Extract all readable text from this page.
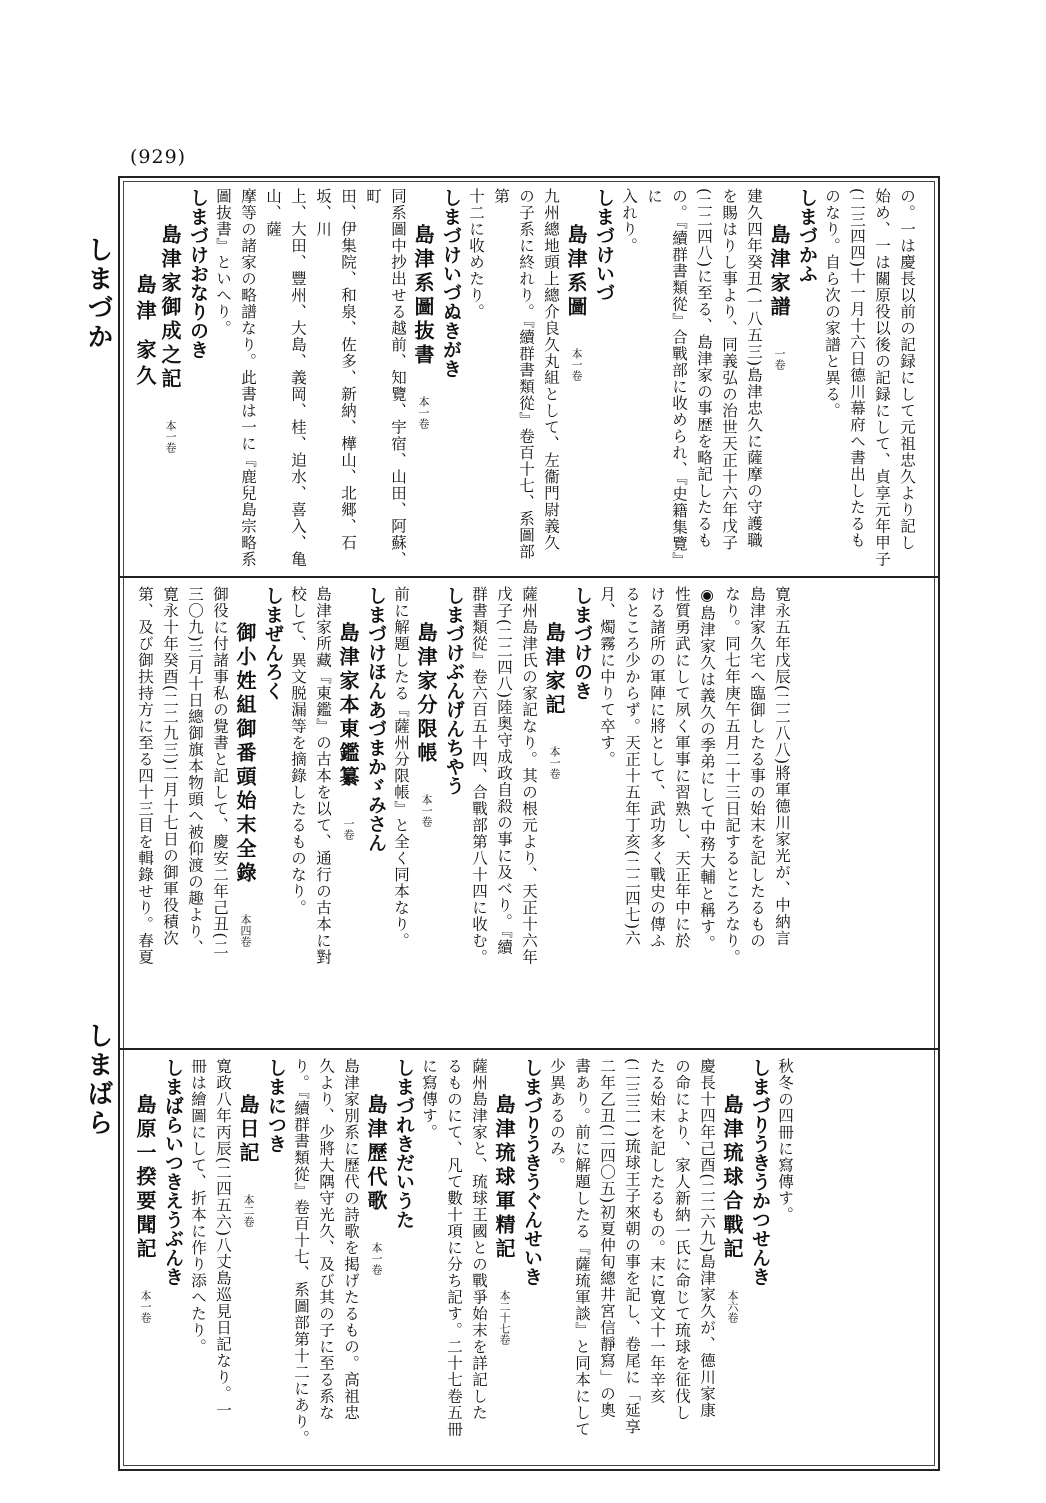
(929)
しまづか
しまばら

の。一は慶長以前の記録にして元祖忠久より記し

始め、一は關原役以後の記録にして、貞享元年甲子

(二三四四)十一月十六日德川幕府へ書出したるも

のなり。自ら次の家譜と異る。

しまづかふ

島津家譜一卷

建久四年癸丑(一八五三)島津忠久に薩摩の守護職

を賜はりし事より、同義弘の治世天正十六年戊子

(二二四八)に至る、島津家の事歴を略記したるも

の。『續群書類從』合戰部に收められ、『史籍集覽』に

入れり。

しまづけいづ

島津系圖本一卷

九州總地頭上總介良久丸組として、左衞門尉義久

の子系に終れり。『續群書類從』卷百十七、系圖部第

十二に收めたり。

しまづけいづぬきがき

島津系圖抜書本一卷

同系圖中抄出せる越前、知覽、宇宿、山田、阿蘇、町

田、伊集院、和泉、佐多、新納、樺山、北郷、石坂、川

上、大田、豐州、大島、義岡、桂、迫水、喜入、亀山、薩

摩等の諸家の略譜なり。此書は一に『鹿兒島宗略系

圖抜書』といへり。

しまづけおなりのき

島津家御成之記本一卷島津 家久

寛永五年戊辰(二二八八)將軍德川家光が、中納言

島津家久宅へ臨御したる事の始末を記したるもの

なり。同七年庚午五月二十三日記するところなり。

◉島津家久は義久の季弟にして中務大輔と稱す。

性質勇武にして夙く軍事に習熟し、天正年中に於

ける諸所の軍陣に將として、武功多く戰史の傳ふ

るところ少からず。天正十五年丁亥(二二四七)六

月、燭霧に中りて卒す。

しまづけのき

島津家記本一卷

薩州島津氏の家記なり。其の根元より、天正十六年

戊子(二二四八)陸奥守成政自殺の事に及べり。『續

群書類從』卷六百五十四、合戰部第八十四に收む。

しまづけぶんげんちやう

島津家分限帳本一卷

前に解題したる『薩州分限帳』と全く同本なり。

しまづけほんあづまかゞみさん

島津家本東鑑纂一卷

島津家所藏『東鑑』の古本を以て、通行の古本に對

校して、異文脱漏等を摘錄したるものなり。

しまぜんろく

御小姓組御番頭始末全錄本四卷

御役に付諸事私の覺書と記して、慶安二年己丑(二

三〇九)三月十日總御旗本物頭へ被仰渡の趣より、

寛永十年癸酉(二二九三)二月十七日の御軍役積次

第、及び御扶持方に至る四十三目を輯錄せり。春夏

秋冬の四冊に寫傳す。

しまづりうきうかつせんき

島津琉球合戰記本六卷

慶長十四年己酉(二二六九)島津家久が、德川家康

の命により、家人新納一氏に命じて琉球を征伐し

たる始末を記したるもの。末に寛文十一年辛亥

(二三三一)琉球王子來朝の事を記し、卷尾に「延享

二年乙丑(二四〇五)初夏仲旬總井宮信靜寫」の奧

書あり。前に解題したる『薩琉軍談』と同本にして

少異あるのみ。

しまづりうきうぐんせいき

島津琉球軍精記本二十七卷

薩州島津家と、琉球王國との戰爭始末を詳記した

るものにて、凡て數十項に分ち記す。二十七卷五冊

に寫傳す。

しまづれきだいうた

島津歷代歌本一卷

島津家別系に歷代の詩歌を掲げたるもの。高祖忠

久より、少將大隅守光久、及び其の子に至る系な

り。『續群書類從』卷百十七、系圖部第十二にあり。

しまにつき

島日記本二卷

寛政八年丙辰(二四五六)八丈島巡見日記なり。一

冊は繪圖にして、折本に作り添へたり。

しまばらいつきえうぶんき

島原一揆要聞記本一卷
